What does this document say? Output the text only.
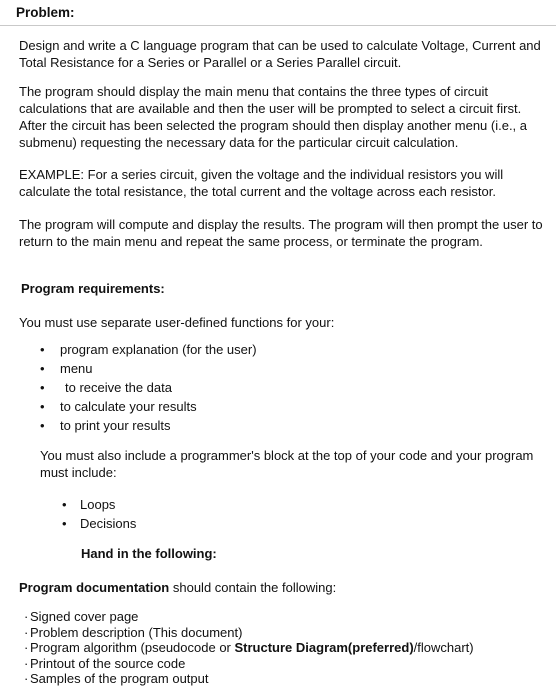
Problem:

Design and write a C language program that can be used to calculate Voltage, Current and Total Resistance for a Series or Parallel or a Series Parallel circuit.

The program should display the main menu that contains the three types of circuit calculations that are available and then the user will be prompted to select a circuit first. After the circuit has been selected the program should then display another menu (i.e., a submenu) requesting the necessary data for the particular circuit calculation.

EXAMPLE: For a series circuit, given the voltage and the individual resistors you will calculate the total resistance, the total current and the voltage across each resistor.

The program will compute and display the results. The program will then prompt the user to return to the main menu and repeat the same process, or terminate the program.

Program requirements:
You must use separate user-defined functions for your:
• program explanation (for the user)
• menu
• to receive the data
• to calculate your results
• to print your results

You must also include a programmer's block at the top of your code and your program must include:

• Loops
• Decisions
Hand in the following:
Program documentation should contain the following:
· Signed cover page
· Problem description (This document)
· Program algorithm (pseudocode or Structure Diagram(preferred)/flowchart)
· Printout of the source code
· Samples of the program output
